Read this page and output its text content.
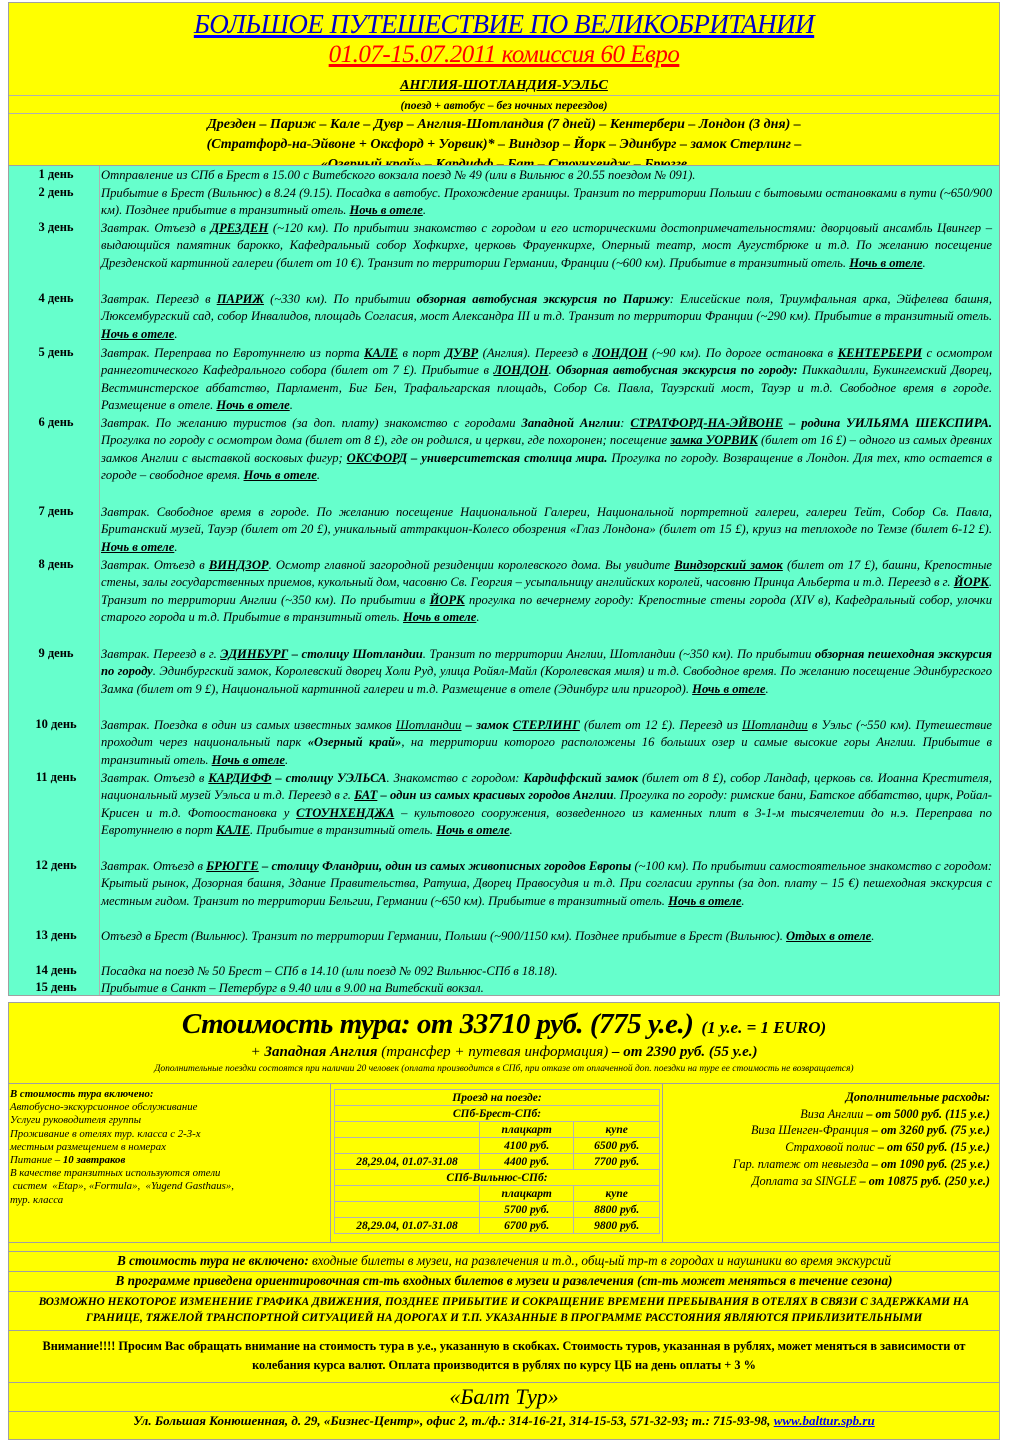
БОЛЬШОЕ ПУТЕШЕСТВИЕ ПО ВЕЛИКОБРИТАНИИ
01.07-15.07.2011 комиссия 60 Евро
АНГЛИЯ-ШОТЛАНДИЯ-УЭЛЬС
(поезд + автобус – без ночных переездов)
Дрезден – Париж – Кале – Дувр – Англия-Шотландия (7 дней) – Кентербери – Лондон (3 дня) –
(Стратфорд-на-Эйвоне + Оксфорд + Уорвик)* – Виндзор – Йорк – Эдинбург – замок Стерлинг –
1 день	Отправление из СПб в Брест в 15.00 с Витебского вокзала поезд № 49 (или в Вильнюс в 20.55 поездом № 091).
2 день	Прибытие в Брест (Вильнюс) в 8.24 (9.15). Посадка в автобус. Прохождение границы. Транзит по территории Польши с бытовыми остановками в пути (~650/900 км). Позднее прибытие в транзитный отель. Ночь в отеле.
3 день	Завтрак. Отъезд в ДРЕЗДЕН (~120 км). По прибытии знакомство с городом и его историческими достопримечательностями: дворцовый ансамбль Цвингер – выдающийся памятник барокко, Кафедральный собор Хофкирхе, церковь Фрауенкирхе, Оперный театр, мост Аугустбрюке и т.д. По желанию посещение Дрезденской картинной галереи (билет от 10 €). Транзит по территории Германии, Франции (~600 км). Прибытие в транзитный отель. Ночь в отеле.
4 день	Завтрак. Переезд в ПАРИЖ (~330 км). По прибытии обзорная автобусная экскурсия по Парижу: Елисейские поля, Триумфальная арка, Эйфелева башня, Люксембургский сад, собор Инвалидов, площадь Согласия, мост Александра III и т.д. Транзит по территории Франции (~290 км). Прибытие в транзитный отель. Ночь в отеле.
5 день	Завтрак. Переправа по Евротуннелю из порта КАЛЕ в порт ДУВР (Англия). Переезд в ЛОНДОН (~90 км). По дороге остановка в КЕНТЕРБЕРИ с осмотром раннеготического Кафедрального собора (билет от 7 £). Прибытие в ЛОНДОН. Обзорная автобусная экскурсия по городу: Пиккадилли, Букингемский Дворец, Вестминстерское аббатство, Парламент, Биг Бен, Трафальгарская площадь, Собор Св. Павла, Тауэрский мост, Тауэр и т.д. Свободное время в городе. Размещение в отеле. Ночь в отеле.
6 день	Завтрак. По желанию туристов (за доп. плату) знакомство с городами Западной Англии: СТРАТФОРД-НА-ЭЙВОНЕ – родина УИЛЬЯМА ШЕКСПИРА. Прогулка по городу с осмотром дома (билет от 8 £), где он родился, и церкви, где похоронен; посещение замка УОРВИК (билет от 16 £) – одного из самых древних замков Англии с выставкой восковых фигур; ОКСФОРД – университетская столица мира. Прогулка по городу. Возвращение в Лондон. Для тех, кто остается в городе – свободное время. Ночь в отеле.
7 день	Завтрак. Свободное время в городе. По желанию посещение Национальной Галереи, Национальной портретной галереи, галереи Тейт, Собор Св. Павла, Британский музей, Тауэр (билет от 20 £), уникальный аттракцион-Колесо обозрения «Глаз Лондона» (билет от 15 £), круиз на теплоходе по Темзе (билет 6-12 £). Ночь в отеле.
8 день	Завтрак. Отъезд в ВИНДЗОР. Осмотр главной загородной резиденции королевского дома. Вы увидите Виндзорский замок (билет от 17 £), башни, Крепостные стены, залы государственных приемов, кукольный дом, часовню Св. Георгия – усыпальницу английских королей, часовню Принца Альберта и т.д. Переезд в г. ЙОРК. Транзит по территории Англии (~350 км). По прибытии в ЙОРК прогулка по вечернему городу: Крепостные стены города (XIV в), Кафедральный собор, улочки старого города и т.д. Прибытие в транзитный отель. Ночь в отеле.
9 день	Завтрак. Переезд в г. ЭДИНБУРГ – столицу Шотландии. Транзит по территории Англии, Шотландии (~350 км). По прибытии обзорная пешеходная экскурсия по городу. Эдинбургский замок, Королевский дворец Холи Руд, улица Ройял-Майл (Королевская миля) и т.д. Свободное время. По желанию посещение Эдинбургского Замка (билет от 9 £), Национальной картинной галереи и т.д. Размещение в отеле (Эдинбург или пригород). Ночь в отеле.
10 день	Завтрак. Поездка в один из самых известных замков Шотландии – замок СТЕРЛИНГ (билет от 12 £). Переезд из Шотландии в Уэльс (~550 км). Путешествие проходит через национальный парк «Озерный край», на территории которого расположены 16 больших озер и самые высокие горы Англии. Прибытие в транзитный отель. Ночь в отеле.
11 день	Завтрак. Отъезд в КАРДИФФ – столицу УЭЛЬСА. Знакомство с городом: Кардиффский замок (билет от 8 £), собор Ландаф, церковь св. Иоанна Крестителя, национальный музей Уэльса и т.д. Переезд в г. БАТ – один из самых красивых городов Англии. Прогулка по городу: римские бани, Батское аббатство, цирк, Ройал-Крисен и т.д. Фотоостановка у СТОУНХЕНДЖА – культового сооружения, возведенного из каменных плит в 3-1-м тысячелетии до н.э. Переправа по Евротуннелю в порт КАЛЕ. Прибытие в транзитный отель. Ночь в отеле.
12 день	Завтрак. Отъезд в БРЮГГЕ – столицу Фландрии, один из самых живописных городов Европы (~100 км). По прибытии самостоятельное знакомство с городом: Крытый рынок, Дозорная башня, Здание Правительства, Ратуша, Дворец Правосудия и т.д. При согласии группы (за доп. плату – 15 €) пешеходная экскурсия с местным гидом. Транзит по территории Бельгии, Германии (~650 км). Прибытие в транзитный отель. Ночь в отеле.
13 день	Отъезд в Брест (Вильнюс). Транзит по территории Германии, Польши (~900/1150 км). Позднее прибытие в Брест (Вильнюс). Отдых в отеле.
14 день	Посадка на поезд № 50 Брест – СПб в 14.10 (или поезд № 092 Вильнюс-СПб в 18.18).
15 день	Прибытие в Санкт – Петербург в 9.40 или в 9.00 на Витебский вокзал.
Стоимость тура: от 33710 руб. (775 у.е.) (1 у.е. = 1 EURO)
+ Западная Англия (трансфер + путевая информация) – от 2390 руб. (55 у.е.)
Дополнительные поездки состоятся при наличии 20 человек (оплата производится в СПб, при отказе от оплаченной доп. поездки на туре ее стоимость не возвращается)
В стоимость тура включено:
Автобусно-экскурсионное обслуживание
Услуги руководителя группы
Проживание в отелях тур. класса с 2-3-х
местным размещением в номерах
Питание – 10 завтраков
В качестве транзитных используются отели
систем  «Etap», «Formula»,  «Yugend Gasthaus»,
тур. класса
Проезд на поезде:
СПб-Брест-СПб:
	плацкарт	купе
	4100 руб.	6500 руб.
28,29.04, 01.07-31.08	4400 руб.	7700 руб.
СПб-Вильнюс-СПб:
	плацкарт	купе
	5700 руб.	8800 руб.
28,29.04, 01.07-31.08	6700 руб.	9800 руб.
Дополнительные расходы:
Виза Англии – от 5000 руб. (115 у.е.)
Виза Шенген-Франция – от 3260 руб. (75 у.е.)
Страховой полис – от 650 руб. (15 у.е.)
Гар. платеж от невыезда – от 1090 руб. (25 у.е.)
Доплата за SINGLE – от 10875 руб. (250 у.е.)
В стоимость тура не включено: входные билеты в музеи, на развлечения и т.д., общ-ый тр-т в городах и наушники во время экскурсий
В программе приведена ориентировочная ст-ть входных билетов в музеи и развлечения (ст-ть может меняться в течение сезона)
ВОЗМОЖНО НЕКОТОРОЕ ИЗМЕНЕНИЕ ГРАФИКА ДВИЖЕНИЯ, ПОЗДНЕЕ ПРИБЫТИЕ И СОКРАЩЕНИЕ ВРЕМЕНИ ПРЕБЫВАНИЯ В ОТЕЛЯХ В СВЯЗИ С ЗАДЕРЖКАМИ НА ГРАНИЦЕ, ТЯЖЕЛОЙ ТРАНСПОРТНОЙ СИТУАЦИЕЙ НА ДОРОГАХ И Т.П. УКАЗАННЫЕ В ПРОГРАММЕ РАССТОЯНИЯ ЯВЛЯЮТСЯ ПРИБЛИЗИТЕЛЬНЫМИ
Внимание!!!! Просим Вас обращать внимание на стоимость тура в у.е., указанную в скобках. Стоимость туров, указанная в рублях, может меняться в зависимости от колебания курса валют. Оплата производится в рублях по курсу ЦБ на день оплаты + 3 %
«Балт Тур»
Ул. Большая Конюшенная, д. 29, «Бизнес-Центр», офис 2, т./ф.: 314-16-21, 314-15-53, 571-32-93; т.: 715-93-98, www.balttur.spb.ru
